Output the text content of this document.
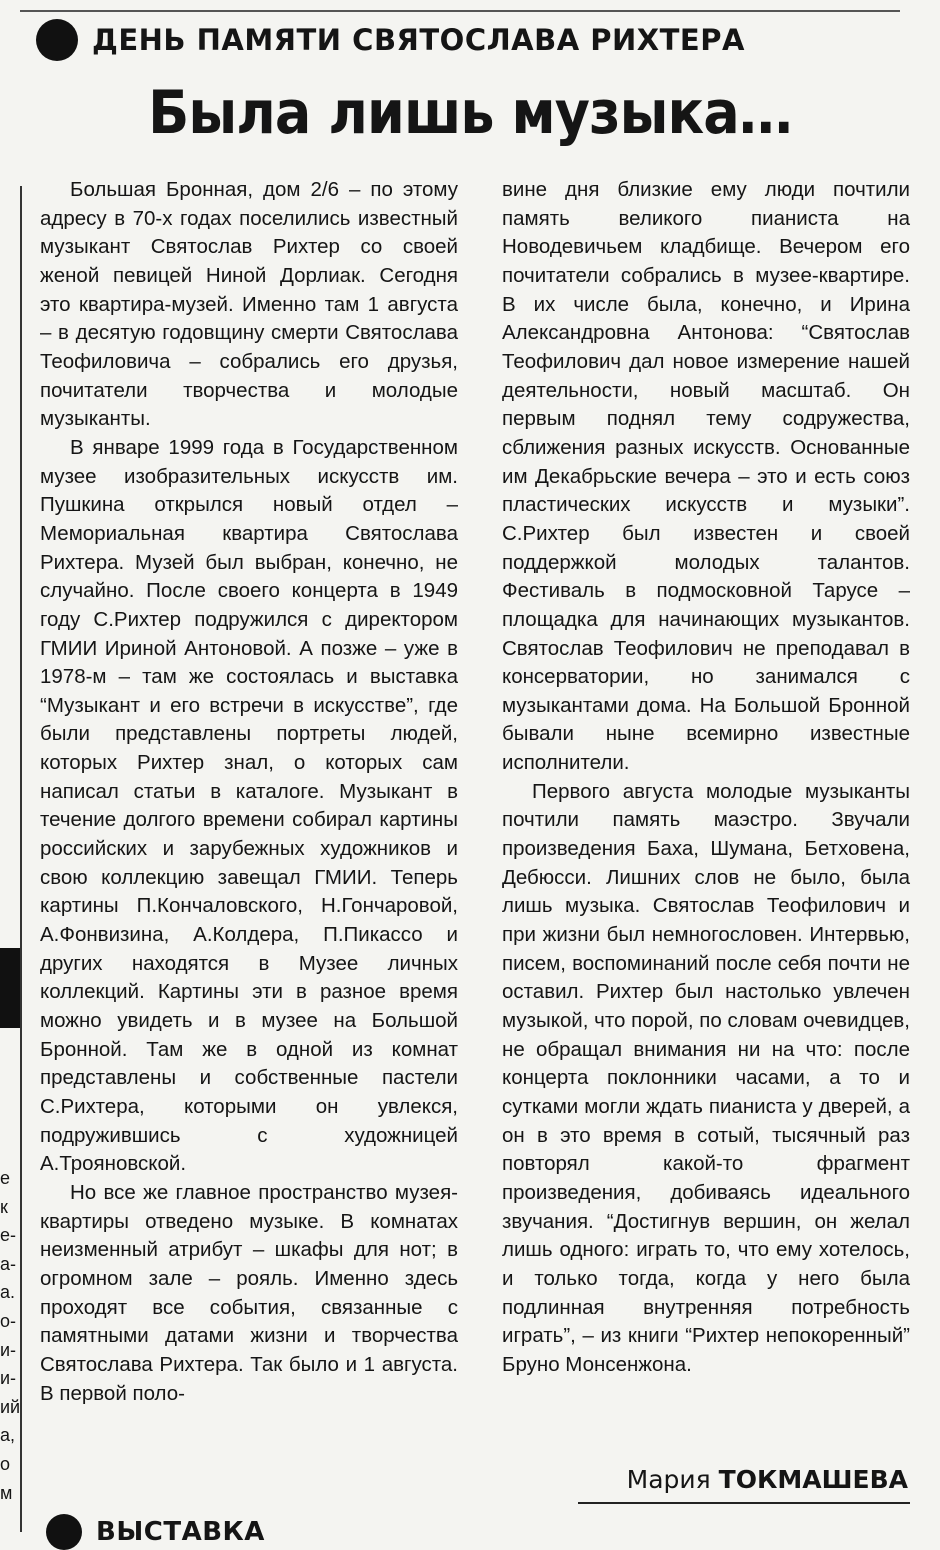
ДЕНЬ ПАМЯТИ СВЯТОСЛАВА РИХТЕРА
Была лишь музыка…

Большая Бронная, дом 2/6 – по этому адресу в 70-х годах поселились известный музыкант Святослав Рихтер со своей женой певицей Ниной Дорлиак. Сегодня это квартира-музей. Именно там 1 августа – в десятую годовщину смерти Святослава Теофиловича – собрались его друзья, почитатели творчества и молодые музыканты.

В январе 1999 года в Государственном музее изобразительных искусств им. Пушкина открылся новый отдел – Мемориальная квартира Святослава Рихтера. Музей был выбран, конечно, не случайно. После своего концерта в 1949 году С.Рихтер подружился с директором ГМИИ Ириной Антоновой. А позже – уже в 1978-м – там же состоялась и выставка “Музыкант и его встречи в искусстве”, где были представлены портреты людей, которых Рихтер знал, о которых сам написал статьи в каталоге. Музыкант в течение долгого времени собирал картины российских и зарубежных художников и свою коллекцию завещал ГМИИ. Теперь картины П.Кончаловского, Н.Гончаровой, А.Фонвизина, А.Колдера, П.Пикассо и других находятся в Музее личных коллекций. Картины эти в разное время можно увидеть и в музее на Большой Бронной. Там же в одной из комнат представлены и собственные пастели С.Рихтера, которыми он увлекся, подружившись с художницей А.Трояновской.

Но все же главное пространство музея-квартиры отведено музыке. В комнатах неизменный атрибут – шкафы для нот; в огромном зале – рояль. Именно здесь проходят все события, связанные с памятными датами жизни и творчества Святослава Рихтера. Так было и 1 августа. В первой поло-

вине дня близкие ему люди почтили память великого пианиста на Новодевичьем кладбище. Вечером его почитатели собрались в музее-квартире. В их числе была, конечно, и Ирина Александровна Антонова: “Святослав Теофилович дал новое измерение нашей деятельности, новый масштаб. Он первым поднял тему содружества, сближения разных искусств. Основанные им Декабрьские вечера – это и есть союз пластических искусств и музыки”. С.Рихтер был известен и своей поддержкой молодых талантов. Фестиваль в подмосковной Тарусе – площадка для начинающих музыкантов. Святослав Теофилович не преподавал в консерватории, но занимался с музыкантами дома. На Большой Бронной бывали ныне всемирно известные исполнители.

Первого августа молодые музыканты почтили память маэстро. Звучали произведения Баха, Шумана, Бетховена, Дебюсси. Лишних слов не было, была лишь музыка. Святослав Теофилович и при жизни был немногословен. Интервью, писем, воспоминаний после себя почти не оставил. Рихтер был настолько увлечен музыкой, что порой, по словам очевидцев, не обращал внимания ни на что: после концерта поклонники часами, а то и сутками могли ждать пианиста у дверей, а он в это время в сотый, тысячный раз повторял какой-то фрагмент произведения, добиваясь идеального звучания. “Достигнув вершин, он желал лишь одного: играть то, что ему хотелось, и только тогда, когда у него была подлинная внутренняя потребность играть”, – из книги “Рихтер непокоренный” Бруно Монсенжона.

Мария ТОКМАШЕВА
е
к
е-
а-
а.
о-
и-
и-
ий
а,
о
м
ВЫСТАВКА
